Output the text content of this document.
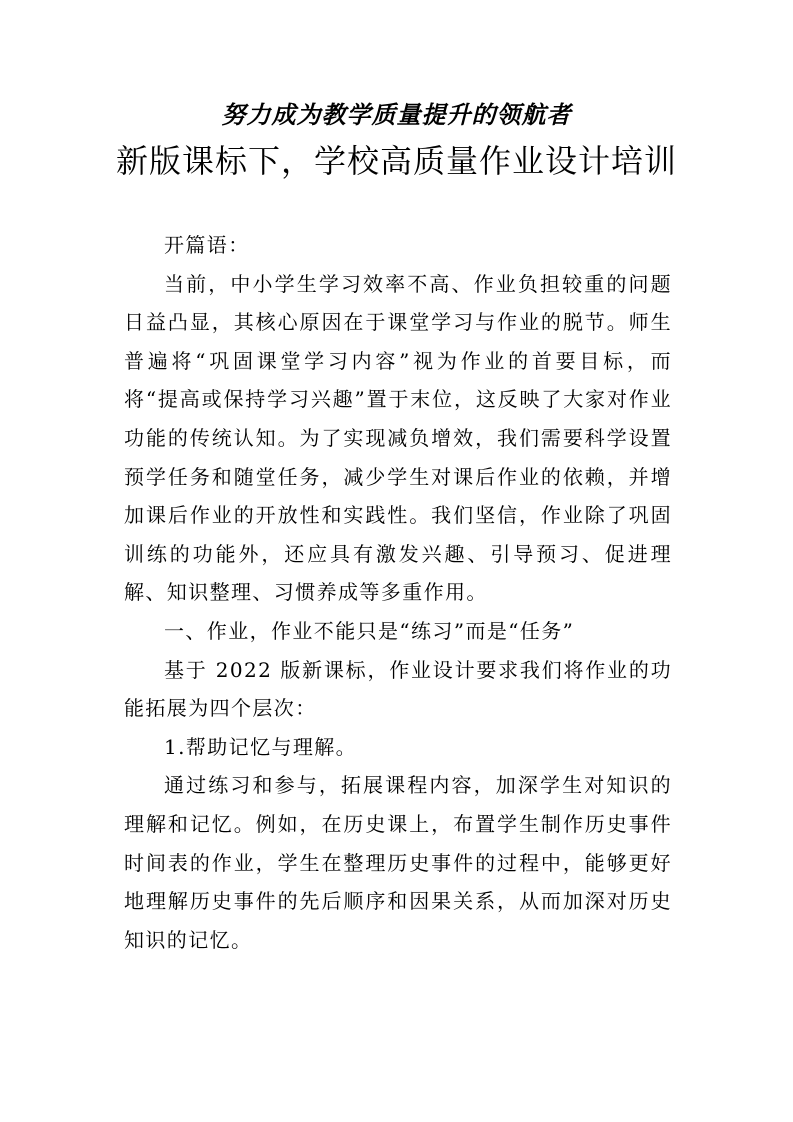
努力成为教学质量提升的领航者
新版课标下，学校高质量作业设计培训

开篇语：

当前，中小学生学习效率不高、作业负担较重的问题日益凸显，其核心原因在于课堂学习与作业的脱节。师生普遍将“巩固课堂学习内容”视为作业的首要目标，而将“提高或保持学习兴趣”置于末位，这反映了大家对作业功能的传统认知。为了实现减负增效，我们需要科学设置预学任务和随堂任务，减少学生对课后作业的依赖，并增加课后作业的开放性和实践性。我们坚信，作业除了巩固训练的功能外，还应具有激发兴趣、引导预习、促进理解、知识整理、习惯养成等多重作用。

一、作业，作业不能只是“练习”而是“任务”

基于 2022 版新课标，作业设计要求我们将作业的功能拓展为四个层次：

1.帮助记忆与理解。

通过练习和参与，拓展课程内容，加深学生对知识的理解和记忆。例如，在历史课上，布置学生制作历史事件时间表的作业，学生在整理历史事件的过程中，能够更好地理解历史事件的先后顺序和因果关系，从而加深对历史知识的记忆。
